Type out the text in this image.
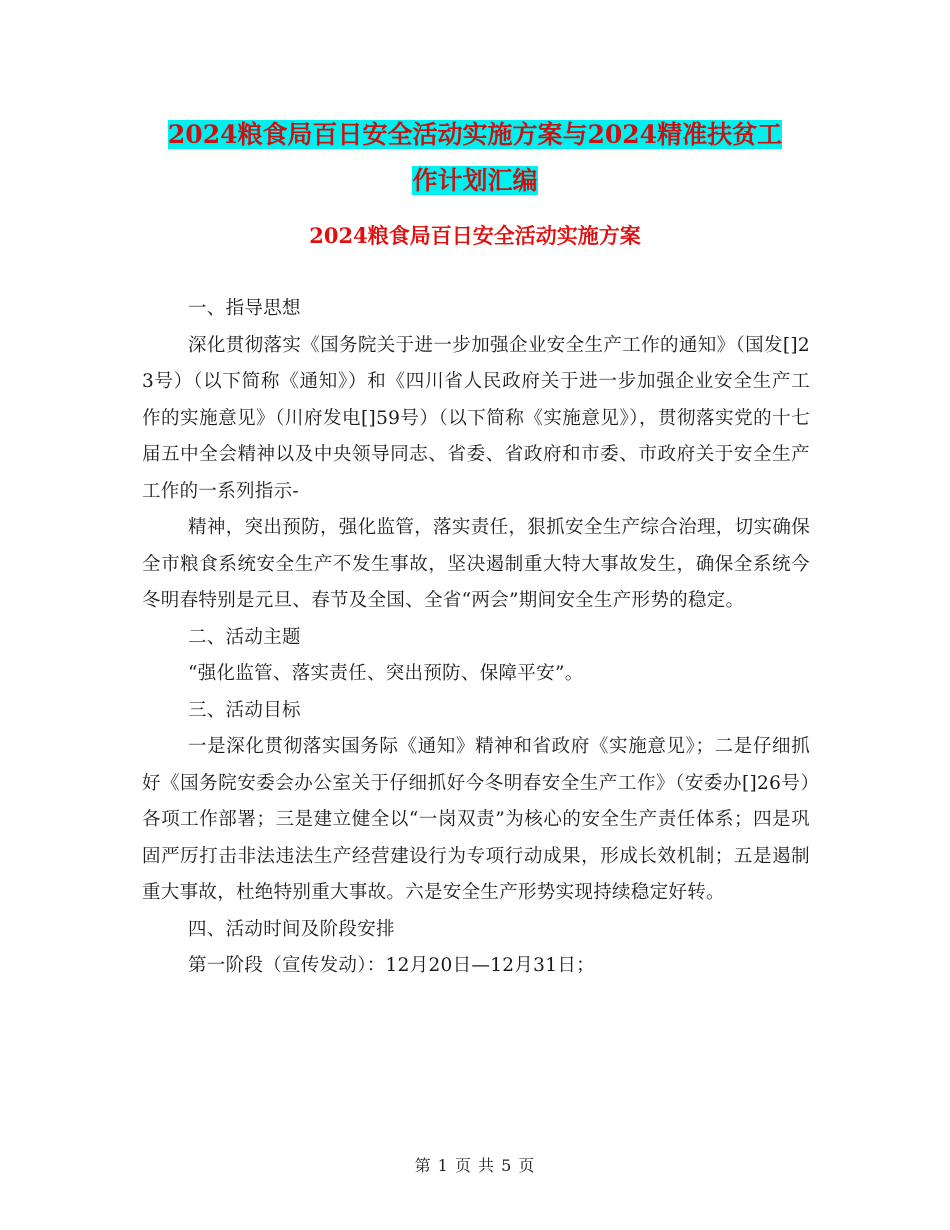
2024粮食局百日安全活动实施方案与2024精准扶贫工
作计划汇编
2024粮食局百日安全活动实施方案

一、指导思想

深化贯彻落实《国务院关于进一步加强企业安全生产工作的通知》（国发[]23号）（以下简称《通知》）和《四川省人民政府关于进一步加强企业安全生产工作的实施意见》（川府发电[]59号）（以下简称《实施意见》），贯彻落实党的十七届五中全会精神以及中央领导同志、省委、省政府和市委、市政府关于安全生产工作的一系列指示-

精神，突出预防，强化监管，落实责任，狠抓安全生产综合治理，切实确保全市粮食系统安全生产不发生事故，坚决遏制重大特大事故发生，确保全系统今冬明春特别是元旦、春节及全国、全省“两会”期间安全生产形势的稳定。

二、活动主题

“强化监管、落实责任、突出预防、保障平安”。

三、活动目标

一是深化贯彻落实国务际《通知》精神和省政府《实施意见》；二是仔细抓好《国务院安委会办公室关于仔细抓好今冬明春安全生产工作》（安委办[]26号）各项工作部署；三是建立健全以“一岗双责”为核心的安全生产责任体系；四是巩固严厉打击非法违法生产经营建设行为专项行动成果，形成长效机制；五是遏制重大事故，杜绝特别重大事故。六是安全生产形势实现持续稳定好转。

四、活动时间及阶段安排

第一阶段（宣传发动）：12月20日—12月31日；

第 1 页 共 5 页
